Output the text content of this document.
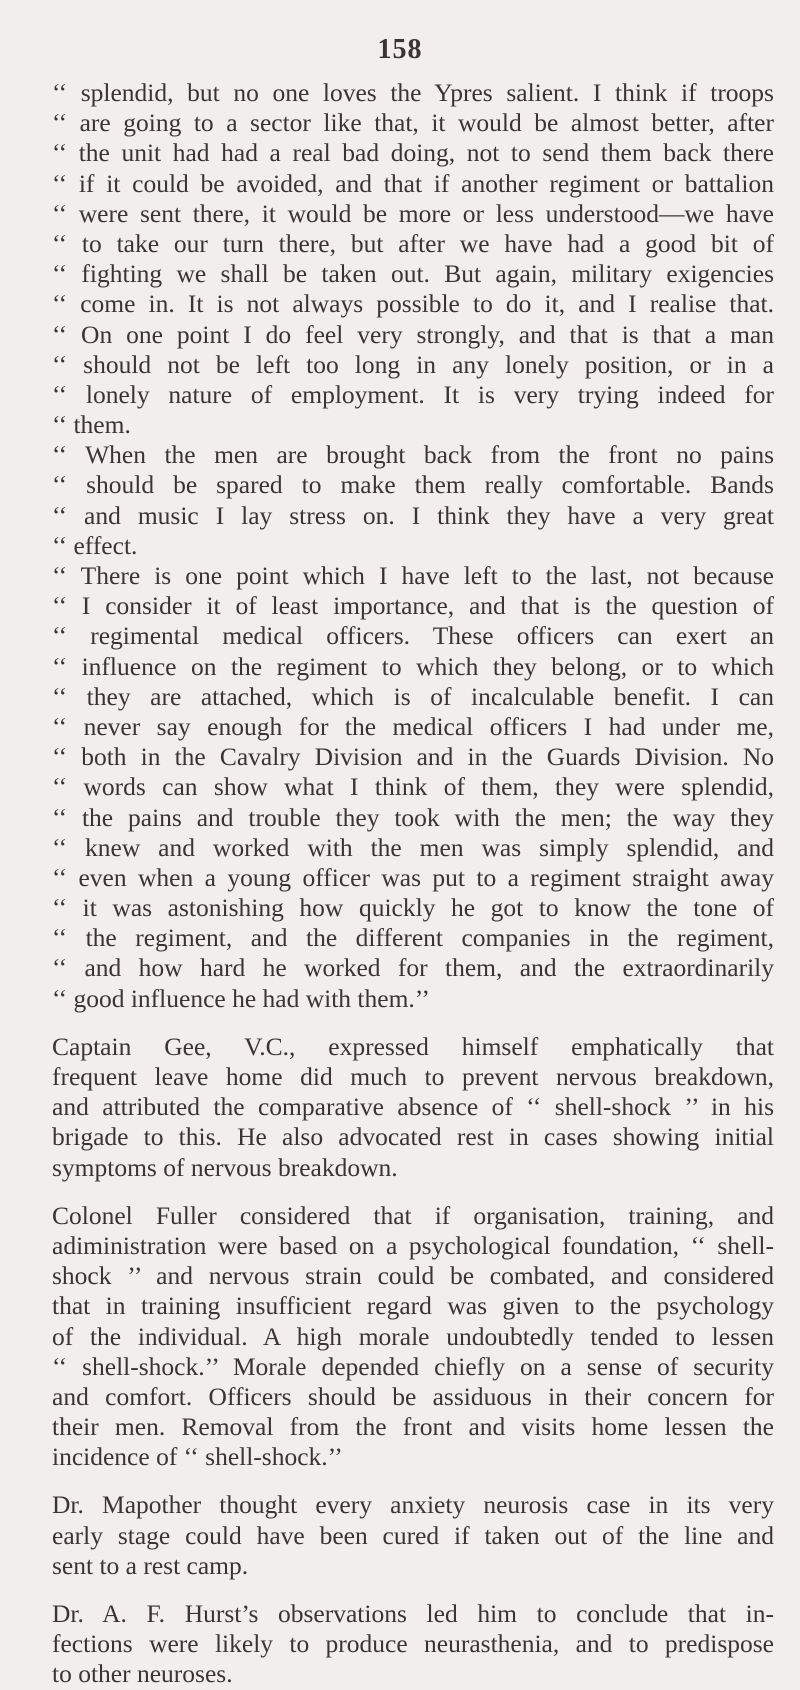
158
‘‘ splendid, but no one loves the Ypres salient. I think if troops
‘‘ are going to a sector like that, it would be almost better, after
‘‘ the unit had had a real bad doing, not to send them back there
‘‘ if it could be avoided, and that if another regiment or battalion
‘‘ were sent there, it would be more or less understood—we have
‘‘ to take our turn there, but after we have had a good bit of
‘‘ fighting we shall be taken out. But again, military exigencies
‘‘ come in. It is not always possible to do it, and I realise that.
‘‘ On one point I do feel very strongly, and that is that a man
‘‘ should not be left too long in any lonely position, or in a
‘‘ lonely nature of employment. It is very trying indeed for
‘‘ them.
‘‘ When the men are brought back from the front no pains
‘‘ should be spared to make them really comfortable. Bands
‘‘ and music I lay stress on. I think they have a very great
‘‘ effect.
‘‘ There is one point which I have left to the last, not because
‘‘ I consider it of least importance, and that is the question of
‘‘ regimental medical officers. These officers can exert an
‘‘ influence on the regiment to which they belong, or to which
‘‘ they are attached, which is of incalculable benefit. I can
‘‘ never say enough for the medical officers I had under me,
‘‘ both in the Cavalry Division and in the Guards Division. No
‘‘ words can show what I think of them, they were splendid,
‘‘ the pains and trouble they took with the men; the way they
‘‘ knew and worked with the men was simply splendid, and
‘‘ even when a young officer was put to a regiment straight away
‘‘ it was astonishing how quickly he got to know the tone of
‘‘ the regiment, and the different companies in the regiment,
‘‘ and how hard he worked for them, and the extraordinarily
‘‘ good influence he had with them.’’
Captain Gee, V.C., expressed himself emphatically that
frequent leave home did much to prevent nervous breakdown,
and attributed the comparative absence of ‘‘ shell-shock ’’ in his
brigade to this. He also advocated rest in cases showing initial
symptoms of nervous breakdown.
Colonel Fuller considered that if organisation, training, and
adiministration were based on a psychological foundation, ‘‘ shell-
shock ’’ and nervous strain could be combated, and considered
that in training insufficient regard was given to the psychology
of the individual. A high morale undoubtedly tended to lessen
‘‘ shell-shock.’’ Morale depended chiefly on a sense of security
and comfort. Officers should be assiduous in their concern for
their men. Removal from the front and visits home lessen the
incidence of ‘‘ shell-shock.’’
Dr. Mapother thought every anxiety neurosis case in its very
early stage could have been cured if taken out of the line and
sent to a rest camp.
Dr. A. F. Hurst’s observations led him to conclude that in-
fections were likely to produce neurasthenia, and to predispose
to other neuroses.
